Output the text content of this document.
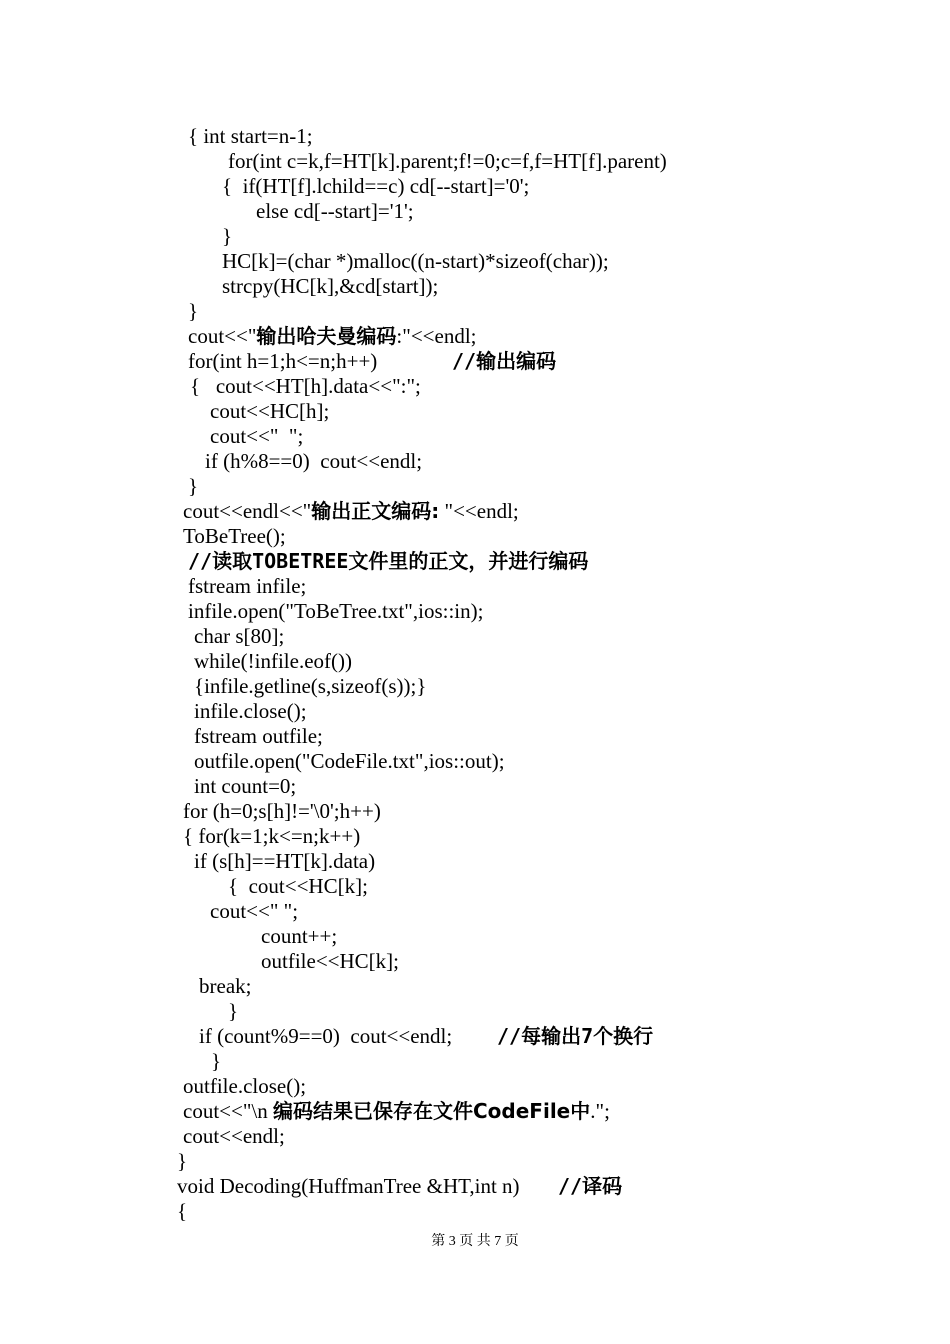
{ int start=n-1;
for(int c=k,f=HT[k].parent;f!=0;c=f,f=HT[f].parent)
{  if(HT[f].lchild==c) cd[--start]='0';
else cd[--start]='1';
}
HC[k]=(char *)malloc((n-start)*sizeof(char));
strcpy(HC[k],&cd[start]);
}
cout<<"输出哈夫曼编码:"<<endl;
for(int h=1;h<=n;h++)	//输出编码
{   cout<<HT[h].data<<":";
cout<<HC[h];
cout<<"  ";
if (h%8==0)  cout<<endl;
}
cout<<endl<<"输出正文编码: "<<endl;
ToBeTree();
//读取TOBETREE文件里的正文，并进行编码
fstream infile;
infile.open("ToBeTree.txt",ios::in);
char s[80];
while(!infile.eof())
{infile.getline(s,sizeof(s));}
infile.close();
fstream outfile;
outfile.open("CodeFile.txt",ios::out);
int count=0;
for (h=0;s[h]!='\0';h++)
{ for(k=1;k<=n;k++)
if (s[h]==HT[k].data)
{  cout<<HC[k];
cout<<" ";
count++;
outfile<<HC[k];
break;
}
if (count%9==0)  cout<<endl; //每输出7个换行
}
outfile.close();
cout<<"\n 编码结果已保存在文件CodeFile中.";
cout<<endl;
}
void Decoding(HuffmanTree &HT,int n) //译码
{
第 3 页 共 7 页
